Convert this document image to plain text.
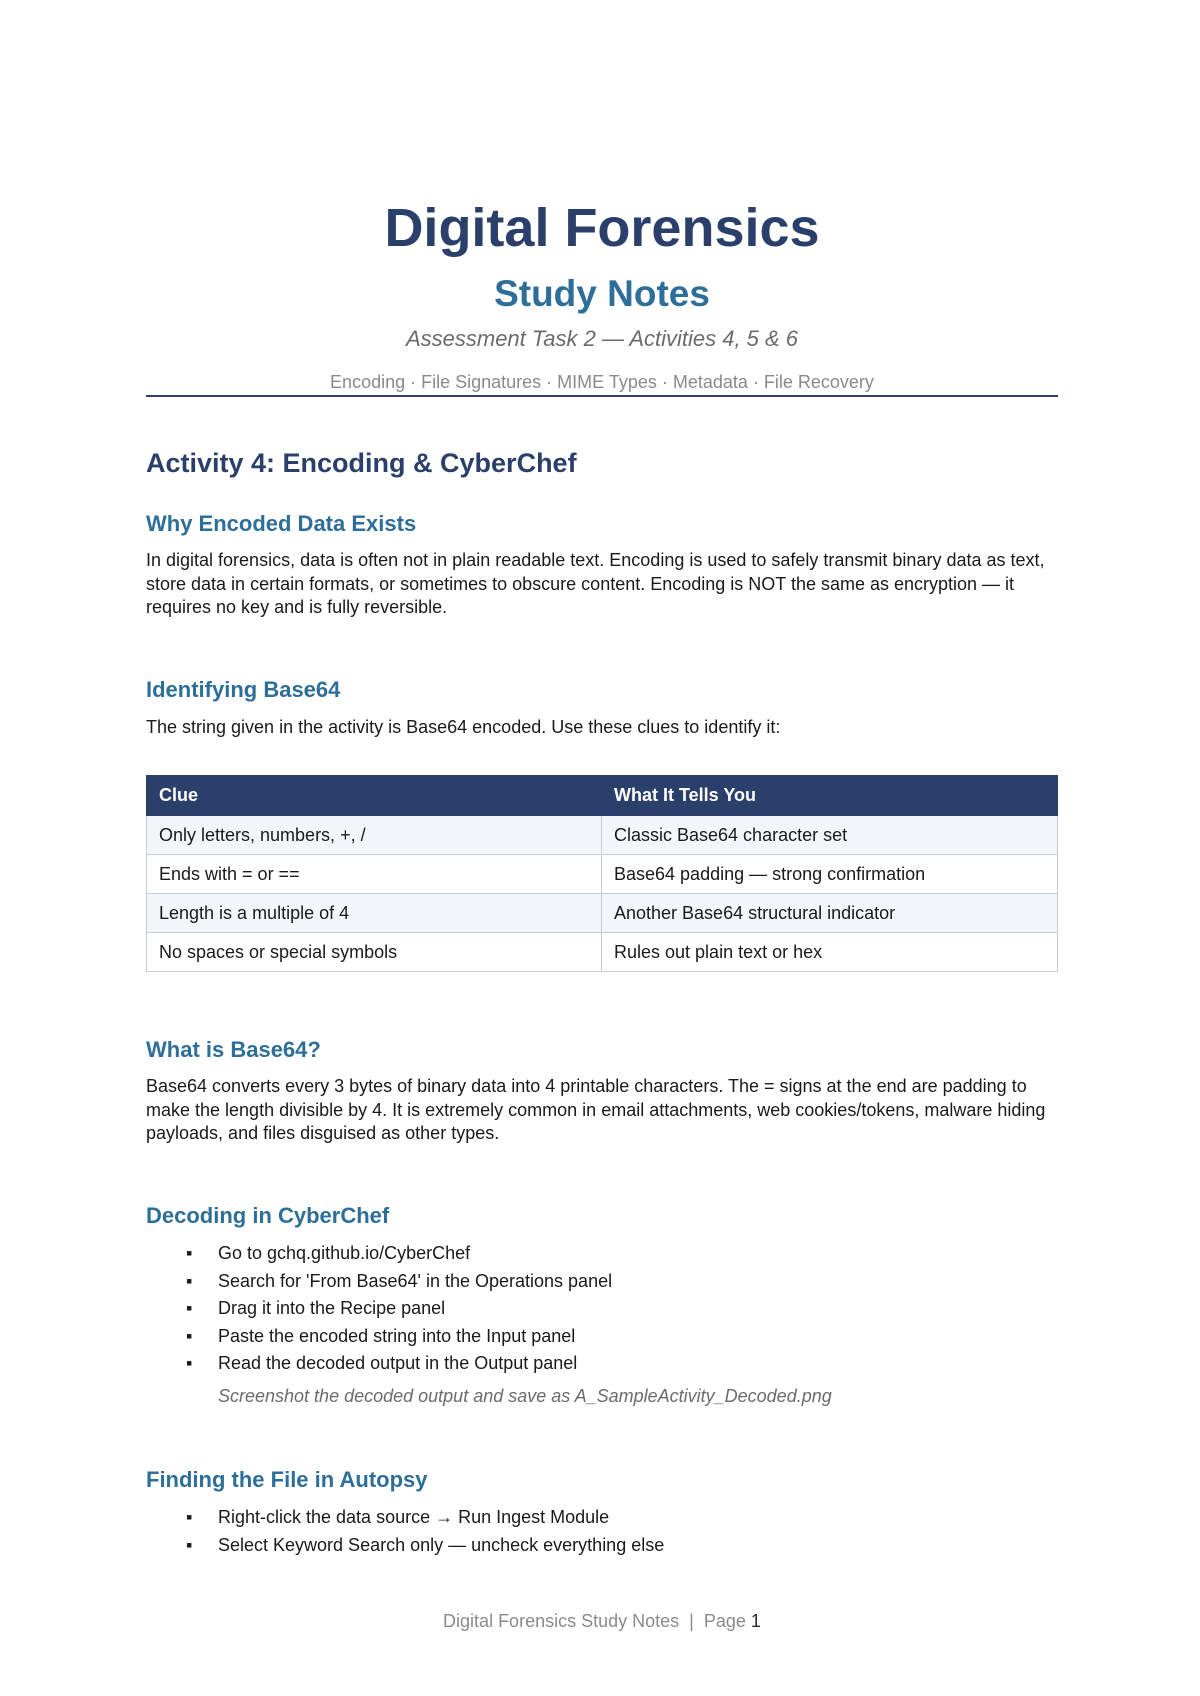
Digital Forensics
Study Notes
Assessment Task 2 — Activities 4, 5 & 6
Encoding · File Signatures · MIME Types · Metadata · File Recovery
Activity 4: Encoding & CyberChef
Why Encoded Data Exists

In digital forensics, data is often not in plain readable text. Encoding is used to safely transmit binary data as text, store data in certain formats, or sometimes to obscure content. Encoding is NOT the same as encryption — it requires no key and is fully reversible.

Identifying Base64

The string given in the activity is Base64 encoded. Use these clues to identify it:

Clue	What It Tells You
Only letters, numbers, +, /	Classic Base64 character set
Ends with = or ==	Base64 padding — strong confirmation
Length is a multiple of 4	Another Base64 structural indicator
No spaces or special symbols	Rules out plain text or hex
What is Base64?

Base64 converts every 3 bytes of binary data into 4 printable characters. The = signs at the end are padding to make the length divisible by 4. It is extremely common in email attachments, web cookies/tokens, malware hiding payloads, and files disguised as other types.

Decoding in CyberChef
▪ Go to gchq.github.io/CyberChef
▪ Search for 'From Base64' in the Operations panel
▪ Drag it into the Recipe panel
▪ Paste the encoded string into the Input panel
▪ Read the decoded output in the Output panel
Screenshot the decoded output and save as A_SampleActivity_Decoded.png
Finding the File in Autopsy
▪ Right-click the data source → Run Ingest Module
▪ Select Keyword Search only — uncheck everything else
Digital Forensics Study Notes | Page 1
